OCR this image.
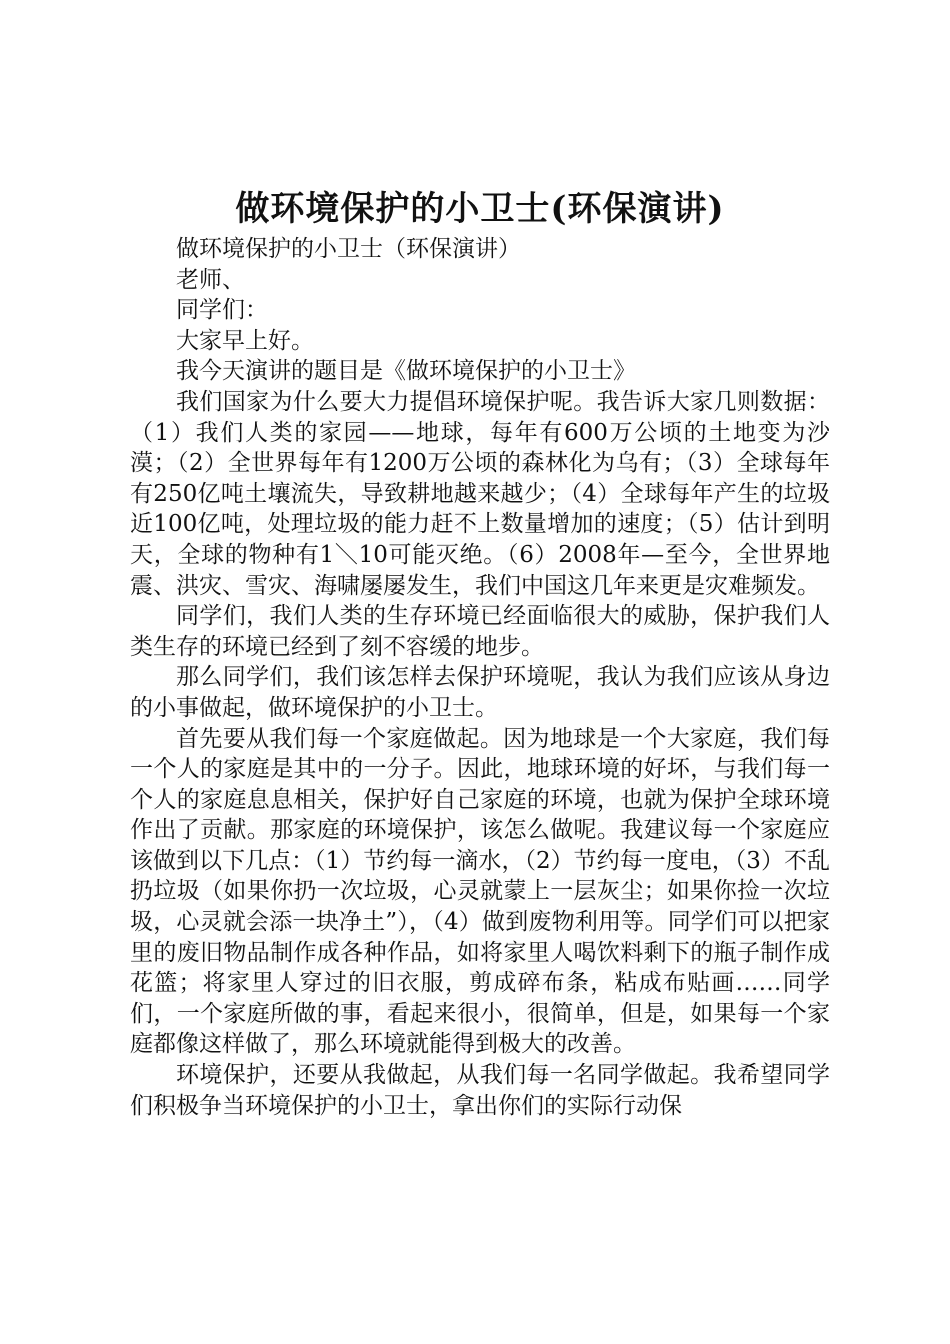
做环境保护的小卫士(环保演讲)

做环境保护的小卫士（环保演讲）

老师、

同学们：

大家早上好。

我今天演讲的题目是《做环境保护的小卫士》

我们国家为什么要大力提倡环境保护呢。我告诉大家几则数据：（1）我们人类的家园——地球，每年有600万公顷的土地变为沙漠；（2）全世界每年有1200万公顷的森林化为乌有；（3）全球每年有250亿吨土壤流失，导致耕地越来越少；（4）全球每年产生的垃圾近100亿吨，处理垃圾的能力赶不上数量增加的速度；（5）估计到明天，全球的物种有1＼10可能灭绝。（6）2008年—至今，全世界地震、洪灾、雪灾、海啸屡屡发生，我们中国这几年来更是灾难频发。

同学们，我们人类的生存环境已经面临很大的威胁，保护我们人类生存的环境已经到了刻不容缓的地步。

那么同学们，我们该怎样去保护环境呢，我认为我们应该从身边的小事做起，做环境保护的小卫士。

首先要从我们每一个家庭做起。因为地球是一个大家庭，我们每一个人的家庭是其中的一分子。因此，地球环境的好坏，与我们每一个人的家庭息息相关，保护好自己家庭的环境，也就为保护全球环境作出了贡献。那家庭的环境保护，该怎么做呢。我建议每一个家庭应该做到以下几点：（1）节约每一滴水，（2）节约每一度电，（3）不乱扔垃圾（如果你扔一次垃圾，心灵就蒙上一层灰尘；如果你捡一次垃圾，心灵就会添一块净土”），（4）做到废物利用等。同学们可以把家里的废旧物品制作成各种作品，如将家里人喝饮料剩下的瓶子制作成花篮；将家里人穿过的旧衣服，剪成碎布条，粘成布贴画……同学们，一个家庭所做的事，看起来很小，很简单，但是，如果每一个家庭都像这样做了，那么环境就能得到极大的改善。

环境保护，还要从我做起，从我们每一名同学做起。我希望同学们积极争当环境保护的小卫士，拿出你们的实际行动保
